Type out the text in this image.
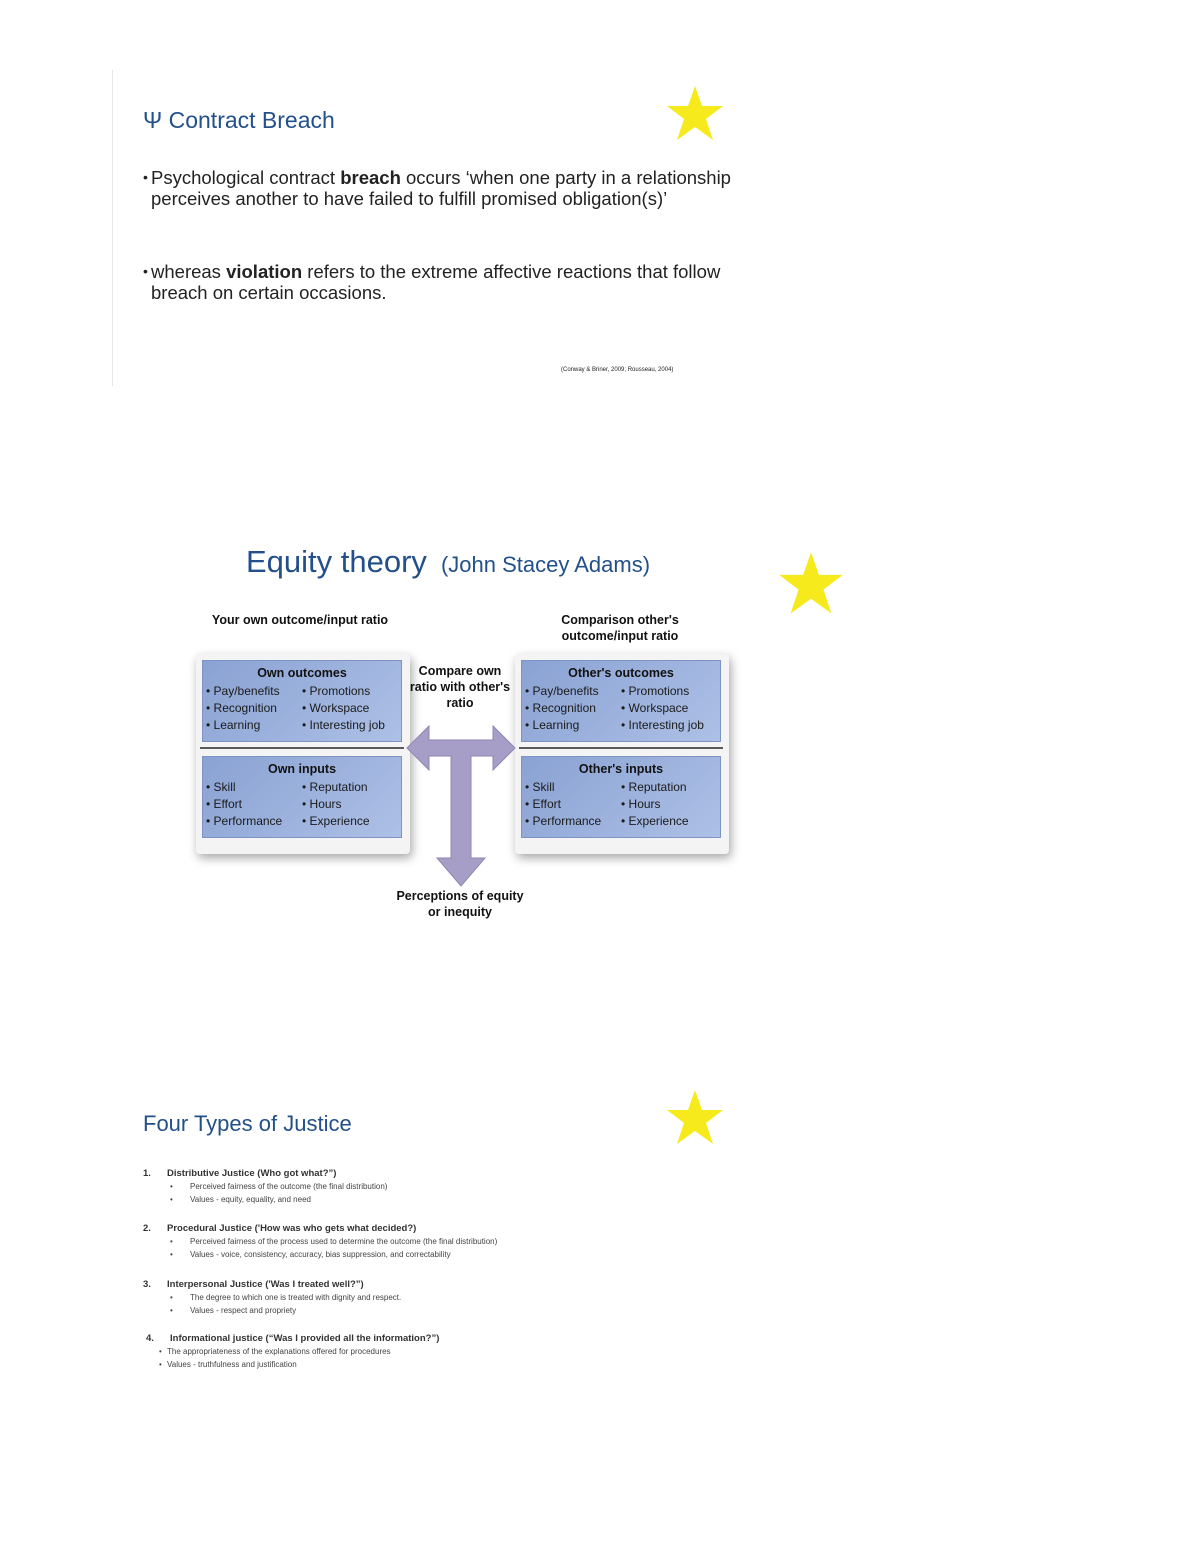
Ψ Contract Breach
• Psychological contract breach occurs ‘when one party in a relationship perceives another to have failed to fulfill promised obligation(s)’
• whereas violation refers to the extreme affective reactions that follow breach on certain occasions.
(Conway & Briner, 2009; Rousseau, 2004)
Equity theory (John Stacey Adams)
Your own outcome/input ratio	Comparison other's outcome/input ratio
Compare own ratio with other's ratio
Own outcomes
• Pay/benefits	• Promotions
• Recognition	• Workspace
• Learning	• Interesting job
Own inputs
• Skill	• Reputation
• Effort	• Hours
• Performance	• Experience
Other's outcomes
• Pay/benefits	• Promotions
• Recognition	• Workspace
• Learning	• Interesting job
Other's inputs
• Skill	• Reputation
• Effort	• Hours
• Performance	• Experience
Perceptions of equity or inequity
Four Types of Justice
1. Distributive Justice (Who got what?”)
• Perceived fairness of the outcome (the final distribution)
• Values - equity, equality, and need
2. Procedural Justice ('How was who gets what decided?)
• Perceived fairness of the process used to determine the outcome (the final distribution)
• Values - voice, consistency, accuracy, bias suppression, and correctability
3. Interpersonal Justice ('Was I treated well?”)
• The degree to which one is treated with dignity and respect.
• Values - respect and propriety
4. Informational justice (“Was I provided all the information?”)
• The appropriateness of the explanations offered for procedures
• Values - truthfulness and justification
